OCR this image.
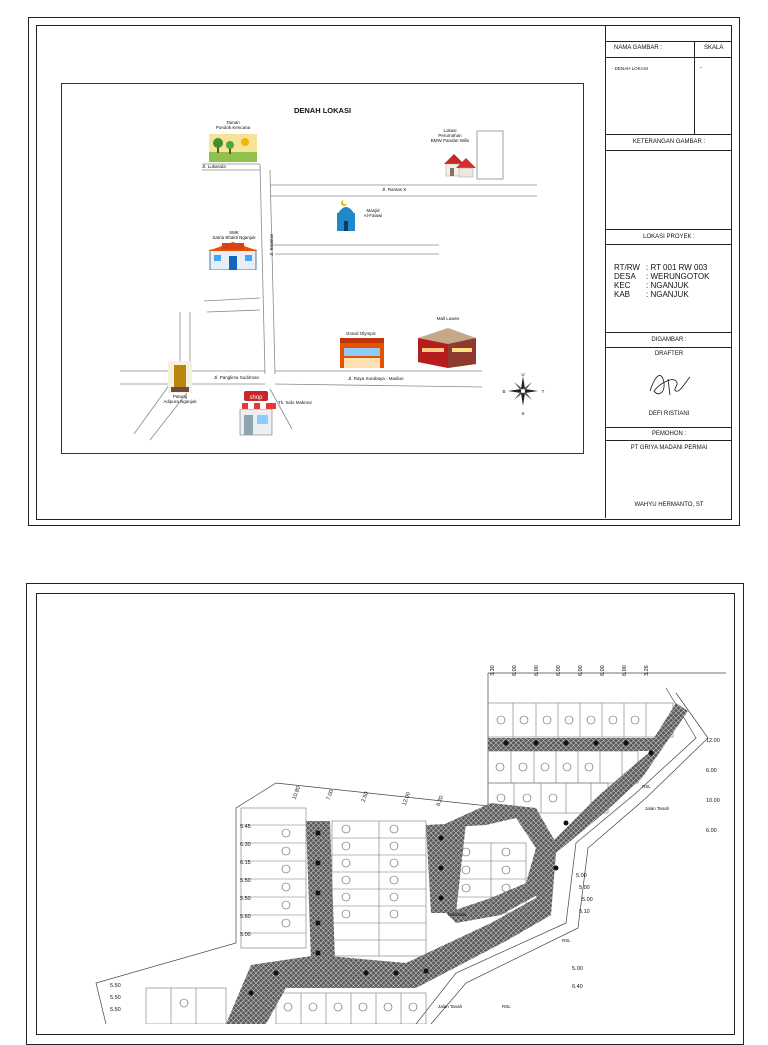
DENAH LOKASI
Taman
Pondok Kencana
Lokasi
Perumahan
BMW Pandan Wilis
Masjid
Al-Falawi
SMK
Satria Bhakti Nganjuk
Grand Olympic
Mall Luwes
Patung
Adipura Nganjuk
shop
Tk. Sido Makmur
Jl. Lukasula
Jl. Rantas X
Jl. Branitas
Jl. Panglima Sudirman	Jl. Raya Surabaya - Madiun
U
S
B	T
NAMA GAMBAR :	SKALA
- DENAH LOKASI	-
KETERANGAN GAMBAR :
LOKASI PROYEK :
RT/RW : RT 001 RW 003
DESA : WERUNGOTOK
KEC : NGANJUK
KAB : NGANJUK
DIGAMBAR :
DRAFTER
DEFI RISTIANI
PEMOHON :
PT GRIYA MADANI PERMAI
WAHYU HERMANTO, ST
3.30	6.00	6.00	6.00	6.00	6.00	6.00	3.26
12.00
6.00
10.00
6.00
5.45
6.30
6.15
5.50
5.50
5.60
5.00
10.80	7.00	2.50	12.00	6.20
5.00
5.00
5.00
5.10
5.00
6.40
5.50
5.50
5.50
Jalan Tanah
Jalan Tanah
RSL
RSL
RSL
Musholla
